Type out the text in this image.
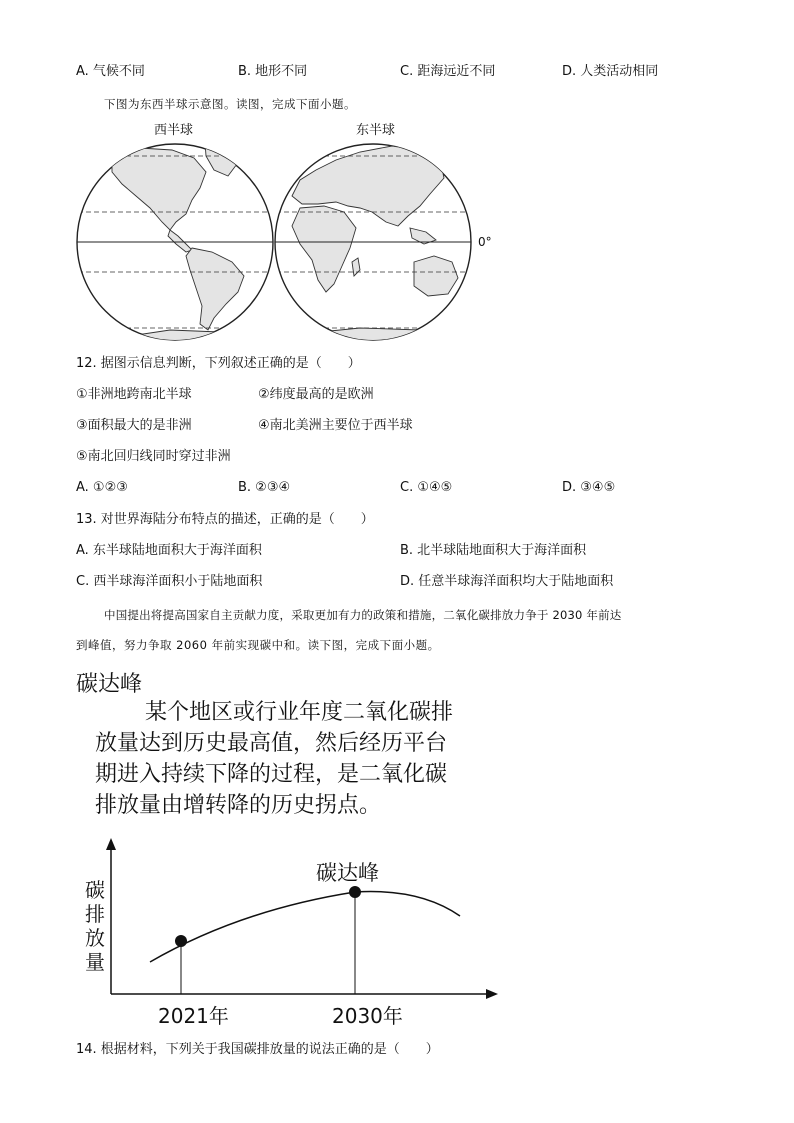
A. 气候不同	B. 地形不同	C. 距海远近不同	D. 人类活动相同
下图为东西半球示意图。读图，完成下面小题。
西半球	东半球
0°
12. 据图示信息判断，下列叙述正确的是（　　）
①非洲地跨南北半球	②纬度最高的是欧洲
③面积最大的是非洲	④南北美洲主要位于西半球
⑤南北回归线同时穿过非洲
A. ①②③	B. ②③④	C. ①④⑤	D. ③④⑤
13. 对世界海陆分布特点的描述，正确的是（　　）
A. 东半球陆地面积大于海洋面积	B. 北半球陆地面积大于海洋面积
C. 西半球海洋面积小于陆地面积	D. 任意半球海洋面积均大于陆地面积
中国提出将提高国家自主贡献力度，采取更加有力的政策和措施，二氧化碳排放力争于 2030 年前达
到峰值，努力争取 2060 年前实现碳中和。读下图，完成下面小题。
碳达峰
某个地区或行业年度二氧化碳排
放量达到历史最高值，然后经历平台
期进入持续下降的过程，是二氧化碳
排放量由增转降的历史拐点。
碳排放量
碳达峰
2021年	2030年
14. 根据材料，下列关于我国碳排放量的说法正确的是（　　）
